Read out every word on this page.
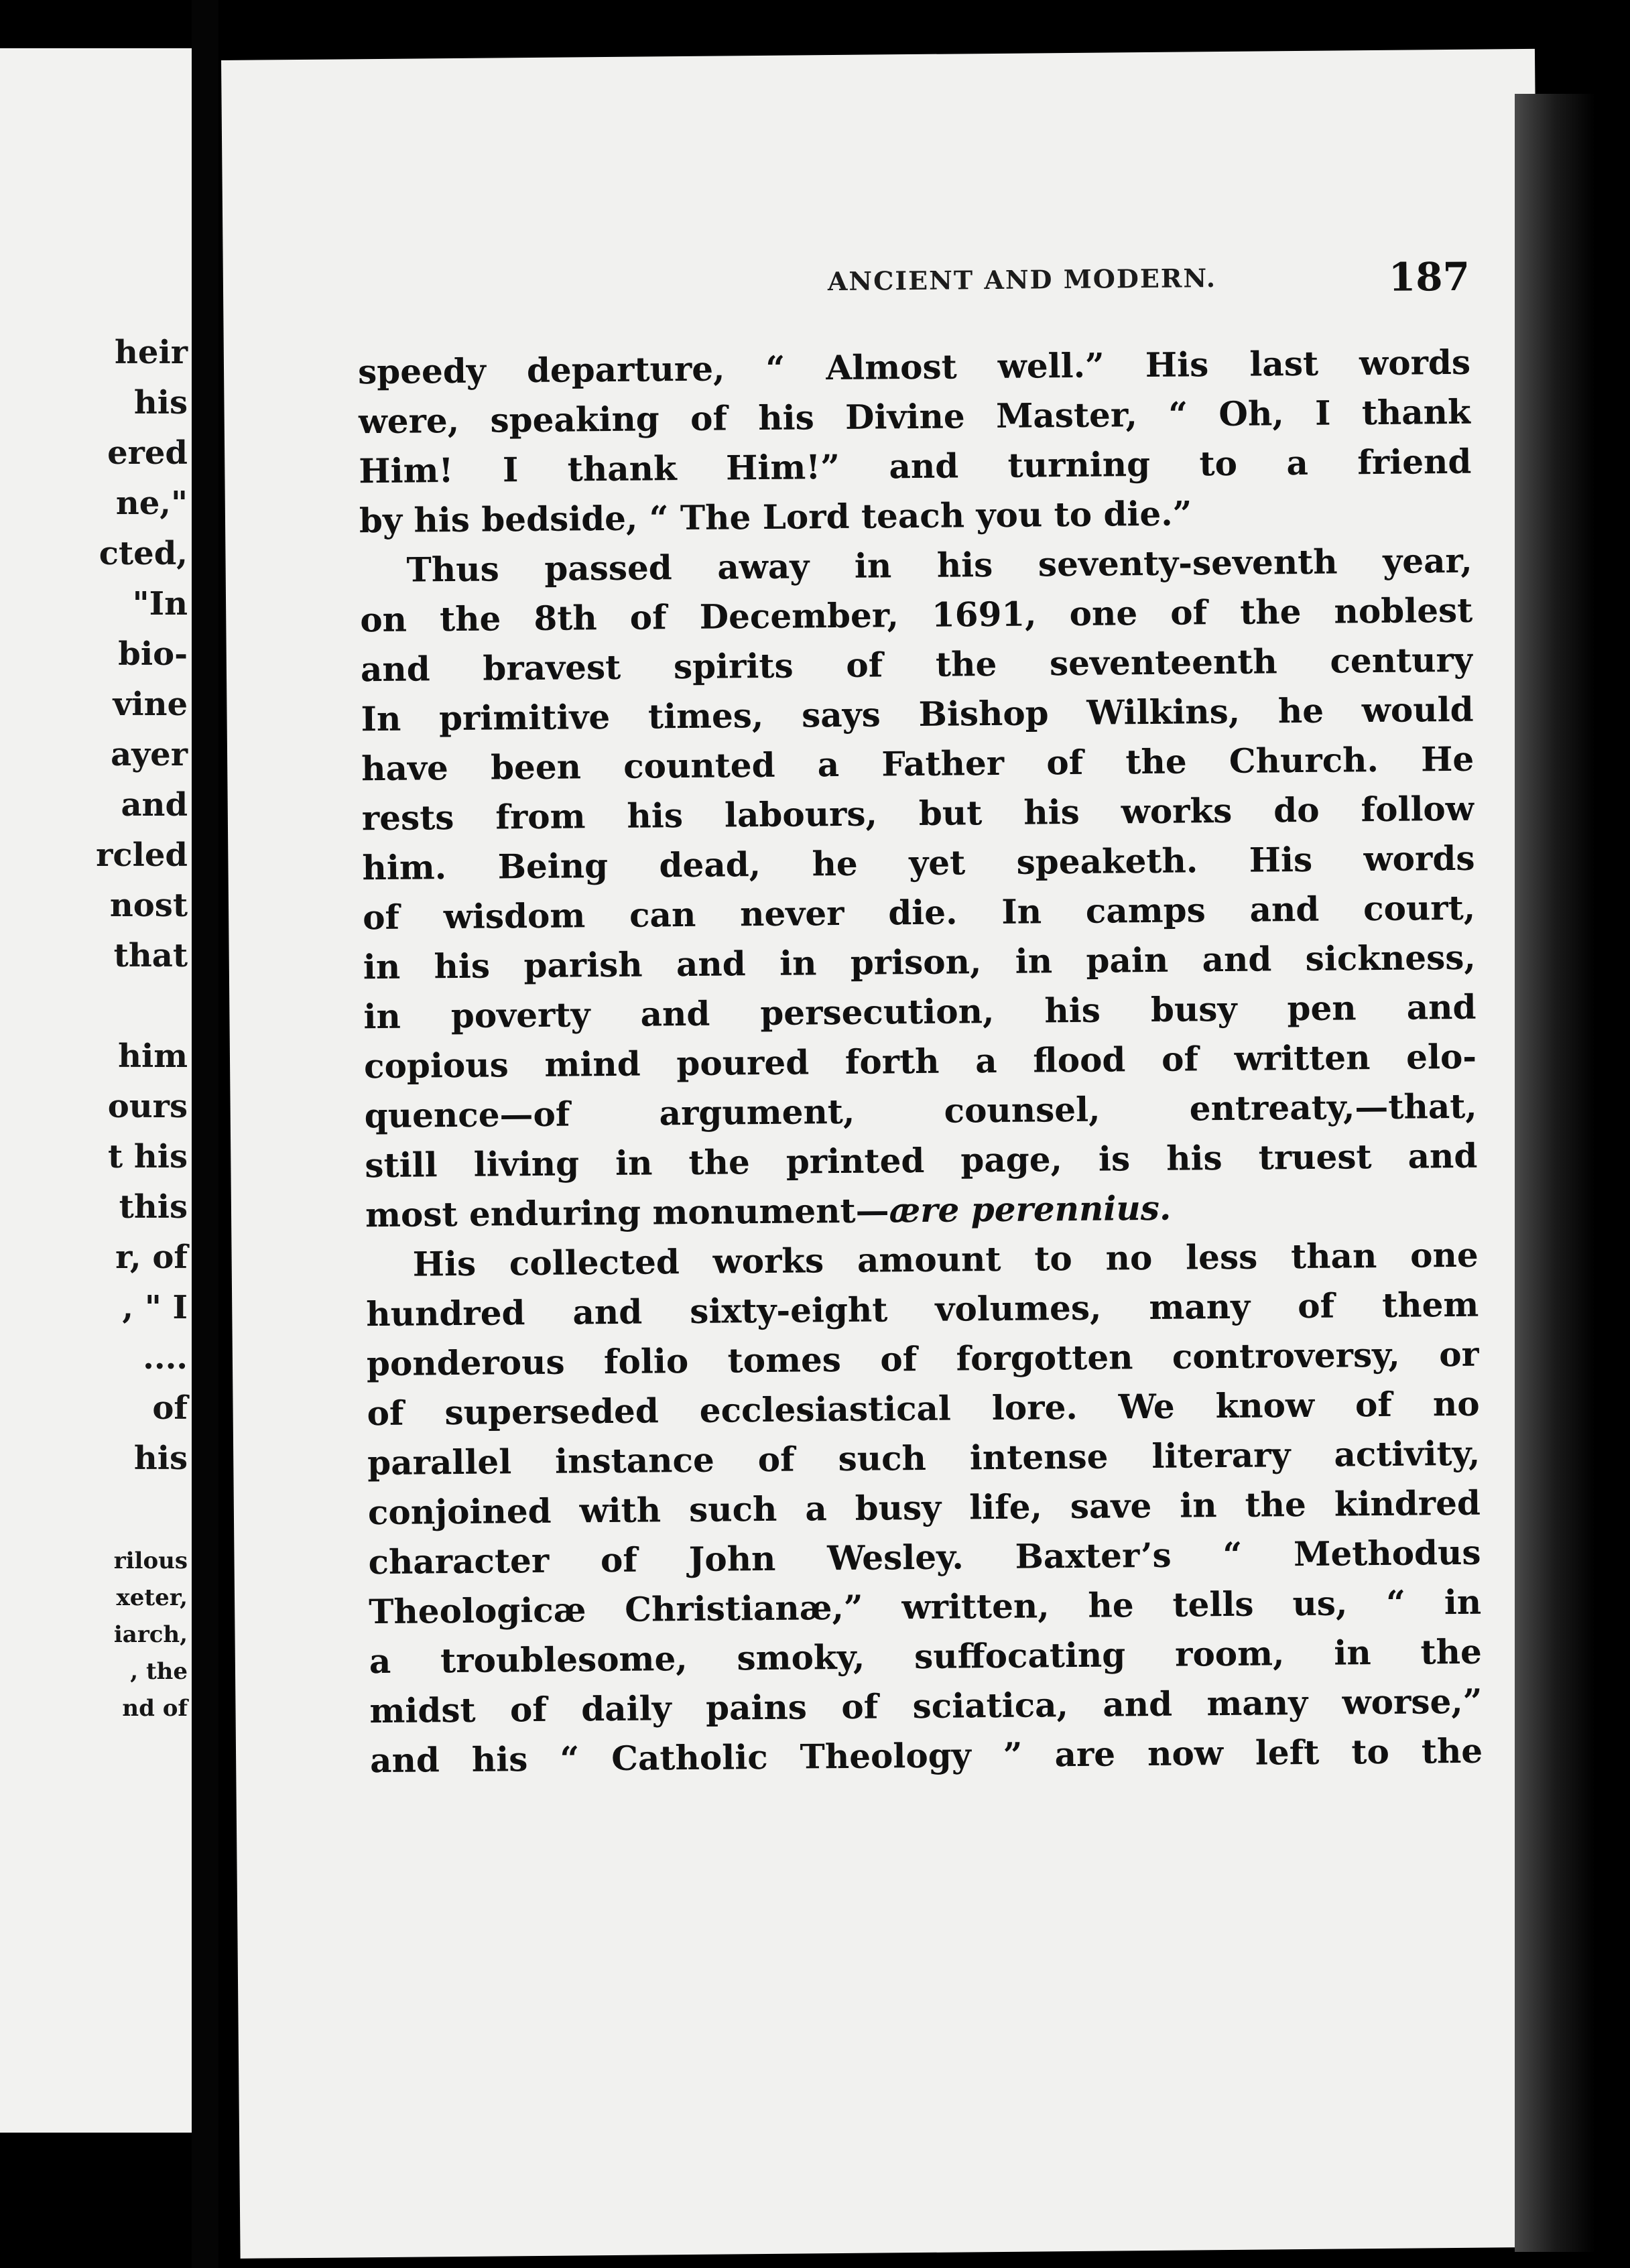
heir

his

ered

ne,"

cted,

"In

bio-

vine

ayer

and

rcled

nost

that

him

ours

t his

this

r, of

, " I

....

of

his

rilous

xeter,

iarch,

, the

nd of

ANCIENT AND MODERN.	187

speedy departure, “ Almost well.” His last words
were, speaking of his Divine Master, “ Oh, I thank
Him! I thank Him!” and turning to a friend
by his bedside, “ The Lord teach you to die.”
Thus passed away in his seventy-seventh year,
on the 8th of December, 1691, one of the noblest
and bravest spirits of the seventeenth century
In primitive times, says Bishop Wilkins, he would
have been counted a Father of the Church. He
rests from his labours, but his works do follow
him. Being dead, he yet speaketh. His words
of wisdom can never die. In camps and court,
in his parish and in prison, in pain and sickness,
in poverty and persecution, his busy pen and
copious mind poured forth a flood of written elo-
quence—of argument, counsel, entreaty,—that,
still living in the printed page, is his truest and
most enduring monument—ære perennius.
His collected works amount to no less than one
hundred and sixty-eight volumes, many of them
ponderous folio tomes of forgotten controversy, or
of superseded ecclesiastical lore. We know of no
parallel instance of such intense literary activity,
conjoined with such a busy life, save in the kindred
character of John Wesley. Baxter’s “ Methodus
Theologicæ Christianæ,” written, he tells us, “ in
a troublesome, smoky, suffocating room, in the
midst of daily pains of sciatica, and many worse,”
and his “ Catholic Theology ” are now left to the
